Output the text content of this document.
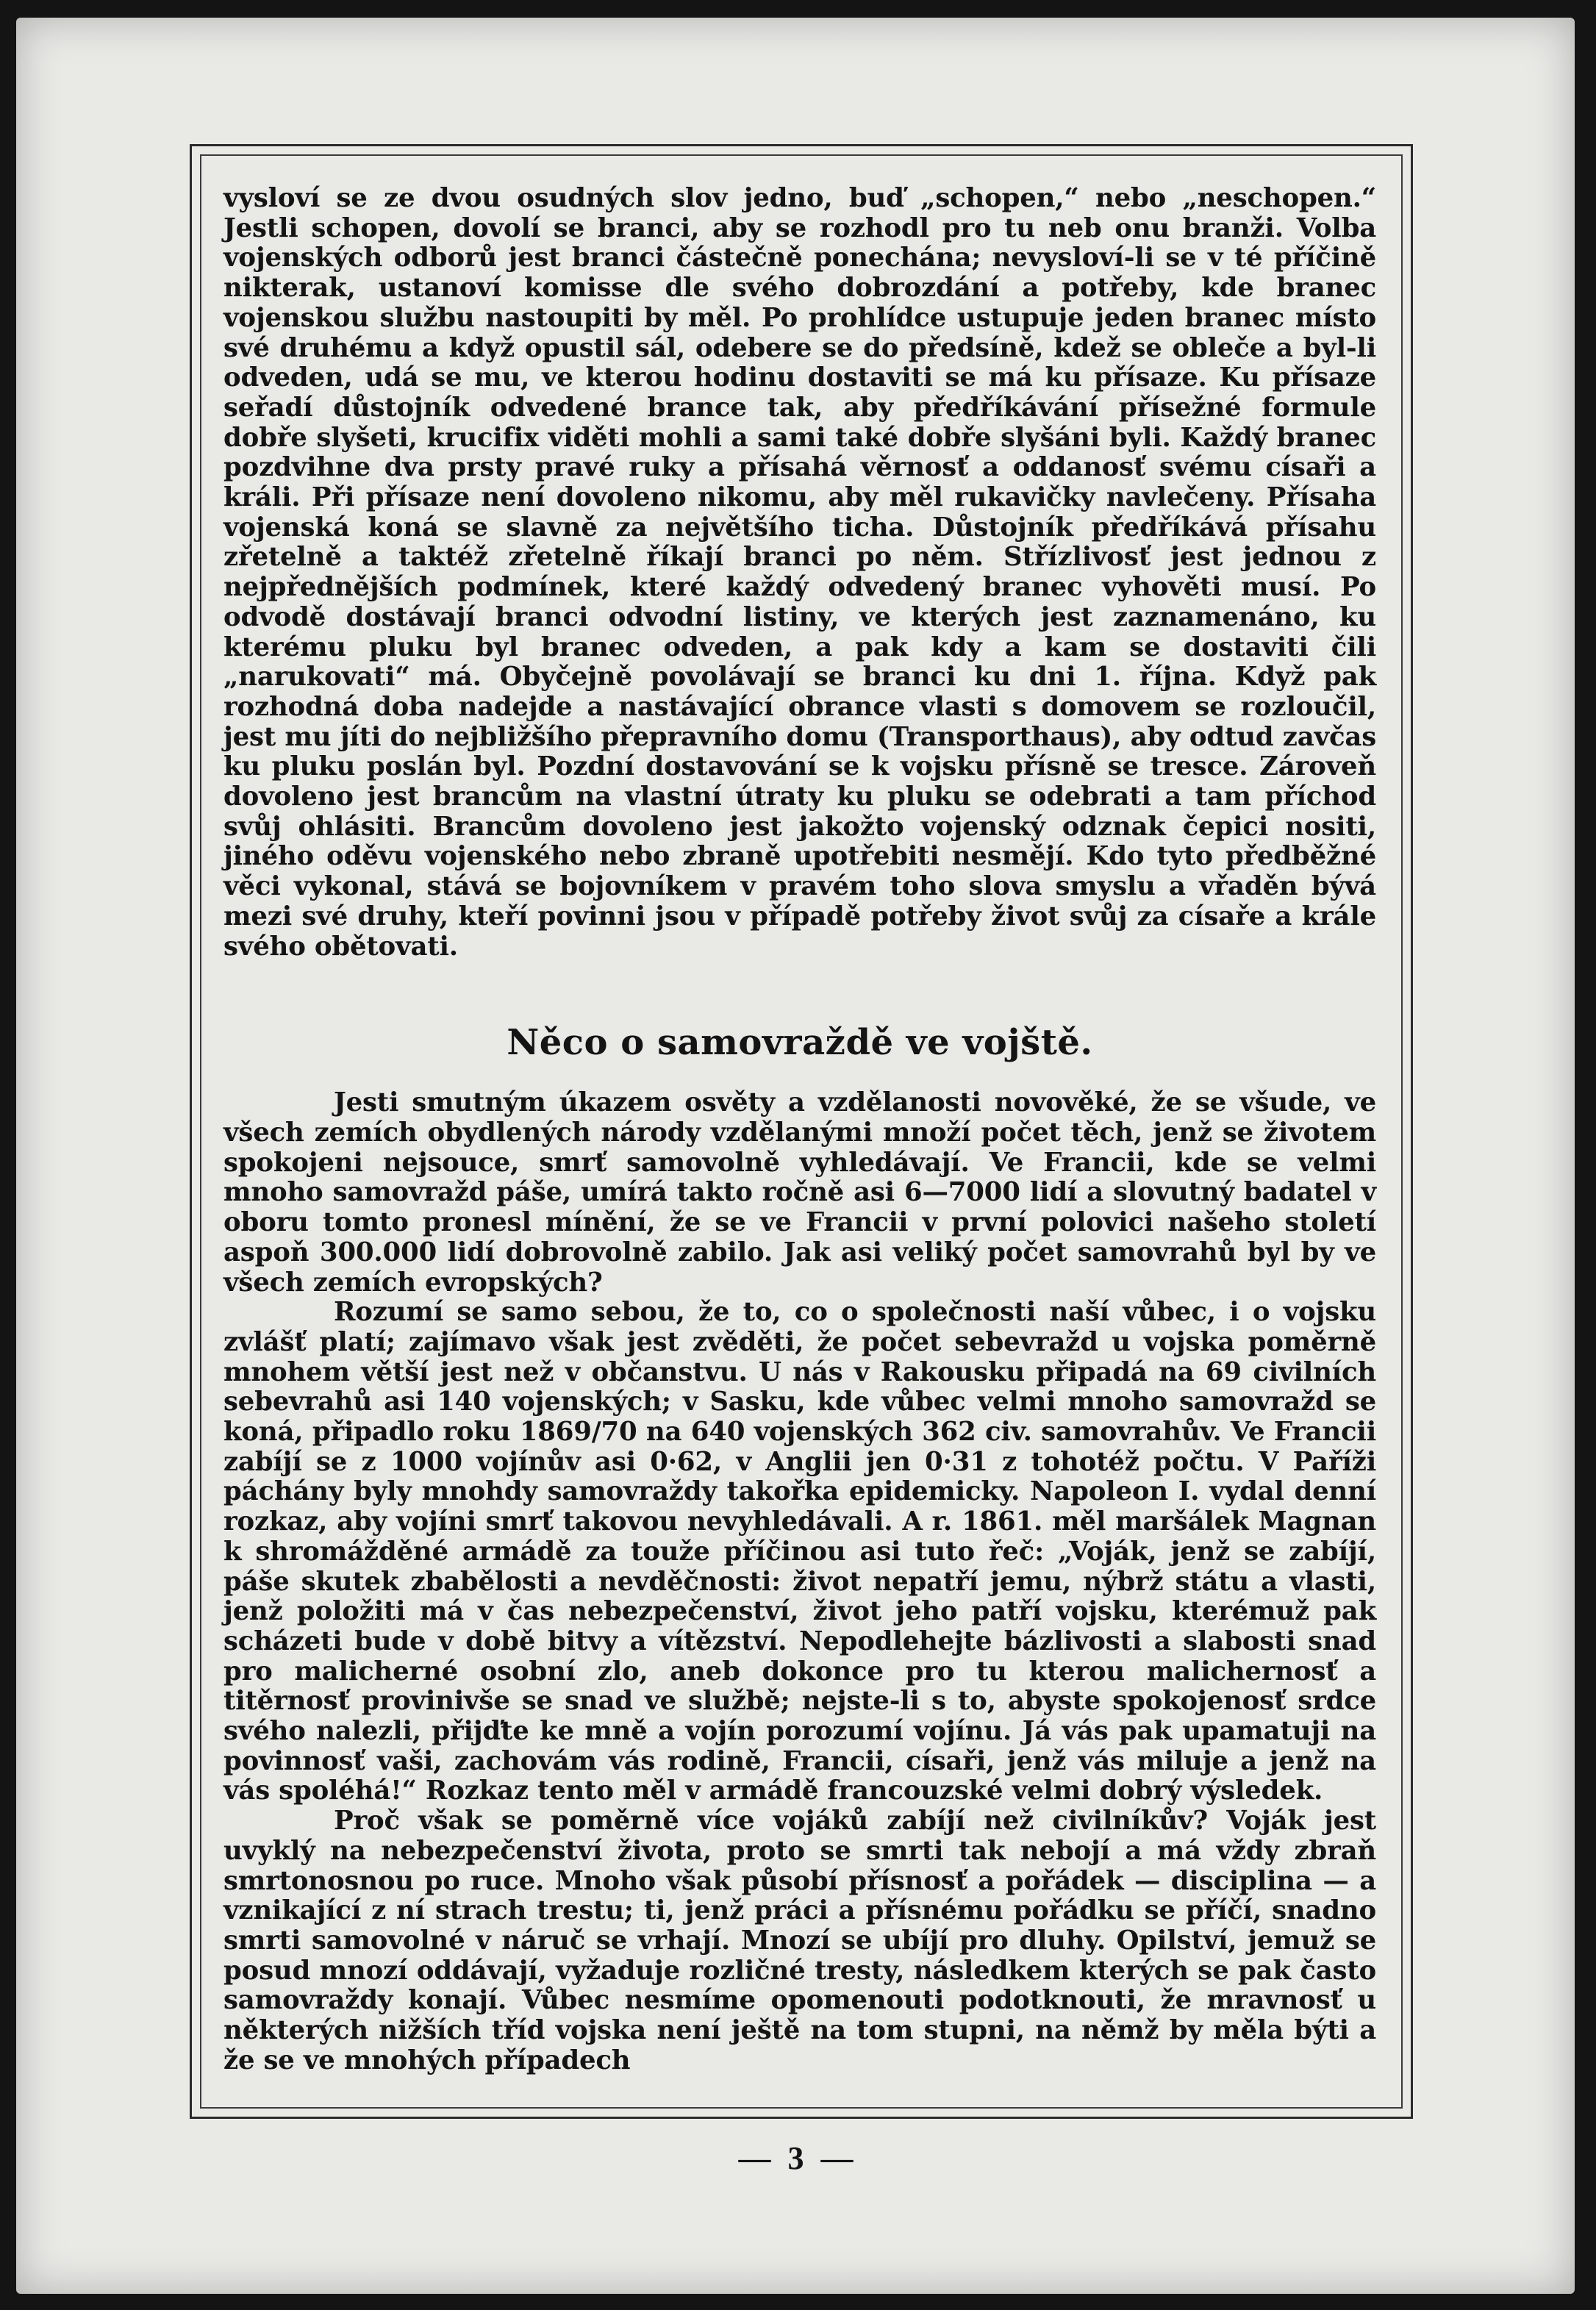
vysloví se ze dvou osudných slov jedno, buď „schopen,“ nebo „neschopen.“ Jestli schopen, dovolí se branci, aby se rozhodl pro tu neb onu branži. Volba vojenských odborů jest branci částečně ponechána; nevysloví-li se v té příčině nikterak, ustanoví komisse dle svého dobrozdání a potřeby, kde branec vojenskou službu nastoupiti by měl. Po prohlídce ustupuje jeden branec místo své druhému a když opustil sál, odebere se do předsíně, kdež se obleče a byl-li odveden, udá se mu, ve kterou hodinu dostaviti se má ku přísaze. Ku přísaze seřadí důstojník odvedené brance tak, aby předříkávání přísežné formule dobře slyšeti, krucifix viděti mohli a sami také dobře slyšáni byli. Každý branec pozdvihne dva prsty pravé ruky a přísahá věrnosť a oddanosť svému císaři a králi. Při přísaze není dovoleno nikomu, aby měl rukavičky navlečeny. Přísaha vojenská koná se slavně za největšího ticha. Důstojník předříkává přísahu zřetelně a taktéž zřetelně říkají branci po něm. Střízlivosť jest jednou z nejpřednějších podmínek, které každý odvedený branec vyhověti musí. Po odvodě dostávají branci odvodní listiny, ve kterých jest zaznamenáno, ku kterému pluku byl branec odveden, a pak kdy a kam se dostaviti čili „narukovati“ má. Obyčejně povolávají se branci ku dni 1. října. Když pak rozhodná doba nadejde a nastávající obrance vlasti s domovem se rozloučil, jest mu jíti do nejbližšího přepravního domu (Transporthaus), aby odtud zavčas ku pluku poslán byl. Pozdní dostavování se k vojsku přísně se tresce. Zároveň dovoleno jest brancům na vlastní útraty ku pluku se odebrati a tam příchod svůj ohlásiti. Brancům dovoleno jest jakožto vojenský odznak čepici nositi, jiného oděvu vojenského nebo zbraně upotřebiti nesmějí. Kdo tyto předběžné věci vykonal, stává se bojovníkem v pravém toho slova smyslu a vřaděn bývá mezi své druhy, kteří povinni jsou v případě potřeby život svůj za císaře a krále svého obětovati.

Něco o samovraždě ve vojště.

Jesti smutným úkazem osvěty a vzdělanosti novověké, že se všude, ve všech zemích obydlených národy vzdělanými množí počet těch, jenž se životem spokojeni nejsouce, smrť samovolně vyhledávají. Ve Francii, kde se velmi mnoho samovražd páše, umírá takto ročně asi 6—7000 lidí a slovutný badatel v oboru tomto pronesl mínění, že se ve Francii v první polovici našeho století aspoň 300.000 lidí dobrovolně zabilo. Jak asi veliký počet samovrahů byl by ve všech zemích evropských?

Rozumí se samo sebou, že to, co o společnosti naší vůbec, i o vojsku zvlášť platí; zajímavo však jest zvěděti, že počet sebevražd u vojska poměrně mnohem větší jest než v občanstvu. U nás v Rakousku připadá na 69 civilních sebevrahů asi 140 vojenských; v Sasku, kde vůbec velmi mnoho samovražd se koná, připadlo roku 1869/70 na 640 vojenských 362 civ. samovrahův. Ve Francii zabíjí se z 1000 vojínův asi 0·62, v Anglii jen 0·31 z tohotéž počtu. V Paříži páchány byly mnohdy samovraždy takořka epidemicky. Napoleon I. vydal denní rozkaz, aby vojíni smrť takovou nevyhledávali. A r. 1861. měl maršálek Magnan k shromážděné armádě za touže příčinou asi tuto řeč: „Voják, jenž se zabíjí, páše skutek zbabělosti a nevděčnosti: život nepatří jemu, nýbrž státu a vlasti, jenž položiti má v čas nebezpečenství, život jeho patří vojsku, kterémuž pak scházeti bude v době bitvy a vítězství. Nepodlehejte bázlivosti a slabosti snad pro malicherné osobní zlo, aneb dokonce pro tu kterou malichernosť a titěrnosť provinivše se snad ve službě; nejste-li s to, abyste spokojenosť srdce svého nalezli, přijďte ke mně a vojín porozumí vojínu. Já vás pak upamatuji na povinnosť vaši, zachovám vás rodině, Francii, císaři, jenž vás miluje a jenž na vás spoléhá!“ Rozkaz tento měl v armádě francouzské velmi dobrý výsledek.

Proč však se poměrně více vojáků zabíjí než civilníkův? Voják jest uvyklý na nebezpečenství života, proto se smrti tak nebojí a má vždy zbraň smrtonosnou po ruce. Mnoho však působí přísnosť a pořádek — disciplina — a vznikající z ní strach trestu; ti, jenž práci a přísnému pořádku se příčí, snadno smrti samovolné v náruč se vrhají. Mnozí se ubíjí pro dluhy. Opilství, jemuž se posud mnozí oddávají, vyžaduje rozličné tresty, následkem kterých se pak často samovraždy konají. Vůbec nesmíme opomenouti podotknouti, že mravnosť u některých nižších tříd vojska není ještě na tom stupni, na němž by měla býti a že se ve mnohých případech

— 3 —
